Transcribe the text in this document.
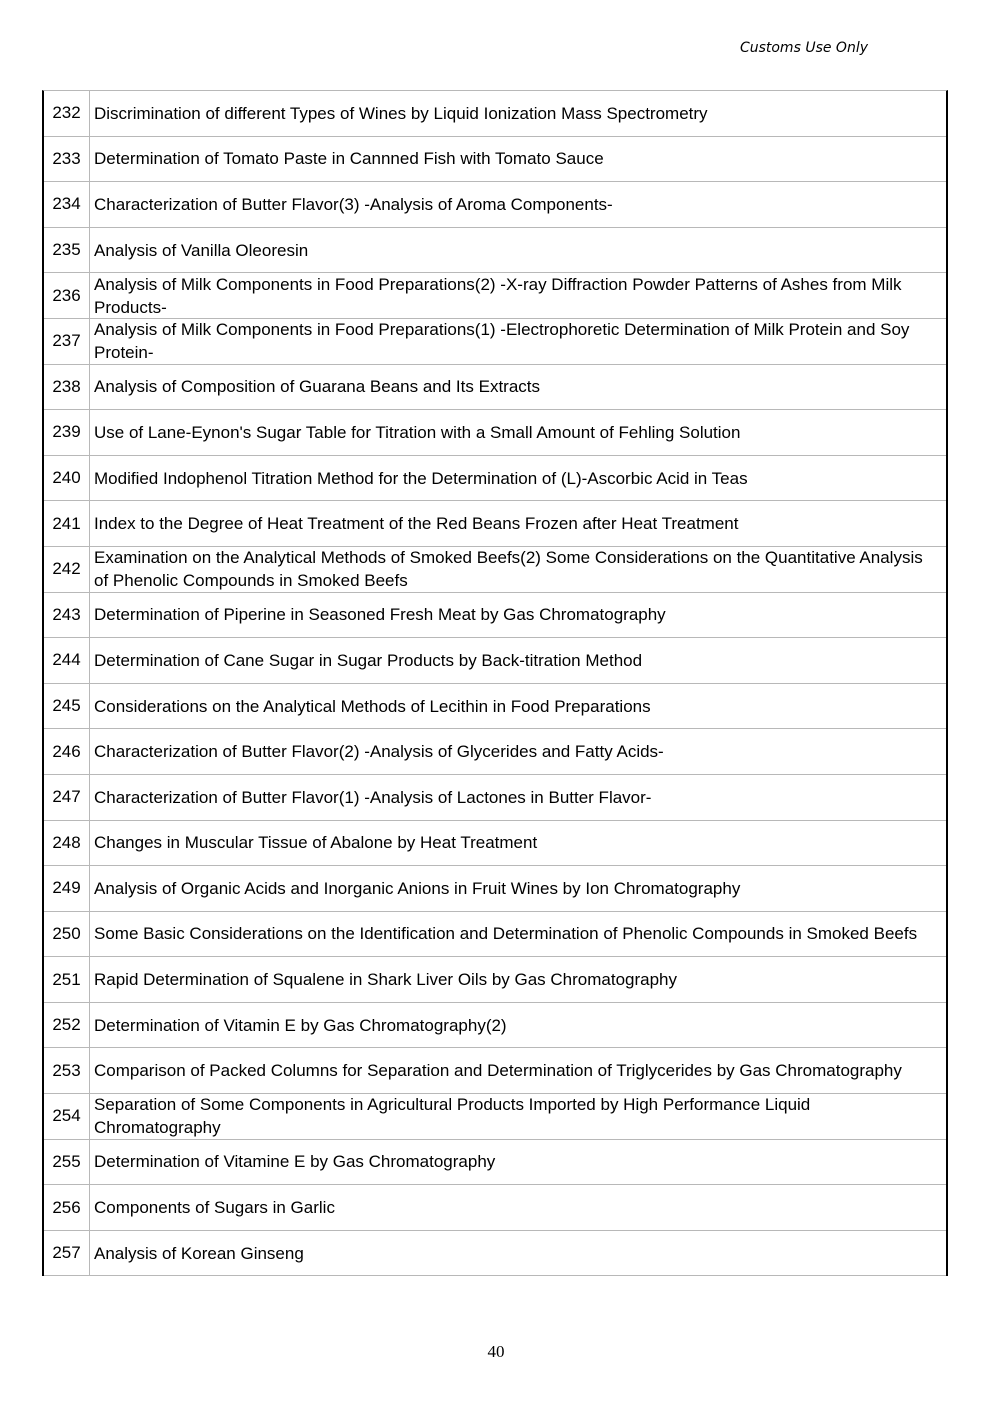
Customs Use Only
232 Discrimination of different Types of Wines by Liquid Ionization Mass Spectrometry
233 Determination of Tomato Paste in Cannned Fish with Tomato Sauce
234 Characterization of Butter Flavor(3) -Analysis of Aroma Components-
235 Analysis of Vanilla Oleoresin
236
Analysis of Milk Components in Food Preparations(2) -X-ray Diffraction Powder Patterns of Ashes from Milk Products-
237
Analysis of Milk Components in Food Preparations(1) -Electrophoretic Determination of Milk Protein and Soy Protein-
238 Analysis of Composition of Guarana Beans and Its Extracts
239 Use of Lane-Eynon's Sugar Table for Titration with a Small Amount of Fehling Solution
240 Modified Indophenol Titration Method for the Determination of (L)-Ascorbic Acid in Teas
241 Index to the Degree of Heat Treatment of the Red Beans Frozen after Heat Treatment
242
Examination on the Analytical Methods of Smoked Beefs(2) Some Considerations on the Quantitative Analysis of Phenolic Compounds in Smoked Beefs
243 Determination of Piperine in Seasoned Fresh Meat by Gas Chromatography
244 Determination of Cane Sugar in Sugar Products by Back-titration Method
245 Considerations on the Analytical Methods of Lecithin in Food Preparations
246 Characterization of Butter Flavor(2) -Analysis of Glycerides and Fatty Acids-
247 Characterization of Butter Flavor(1) -Analysis of Lactones in Butter Flavor-
248 Changes in Muscular Tissue of Abalone by Heat Treatment
249 Analysis of Organic Acids and Inorganic Anions in Fruit Wines by Ion Chromatography
250 Some Basic Considerations on the Identification and Determination of Phenolic Compounds in Smoked Beefs
251 Rapid Determination of Squalene in Shark Liver Oils by Gas Chromatography
252 Determination of Vitamin E by Gas Chromatography(2)
253 Comparison of Packed Columns for Separation and Determination of Triglycerides by Gas Chromatography
254
Separation of Some Components in Agricultural Products Imported by High Performance Liquid Chromatography
255 Determination of Vitamine E by Gas Chromatography
256 Components of Sugars in Garlic
257 Analysis of Korean Ginseng
40
